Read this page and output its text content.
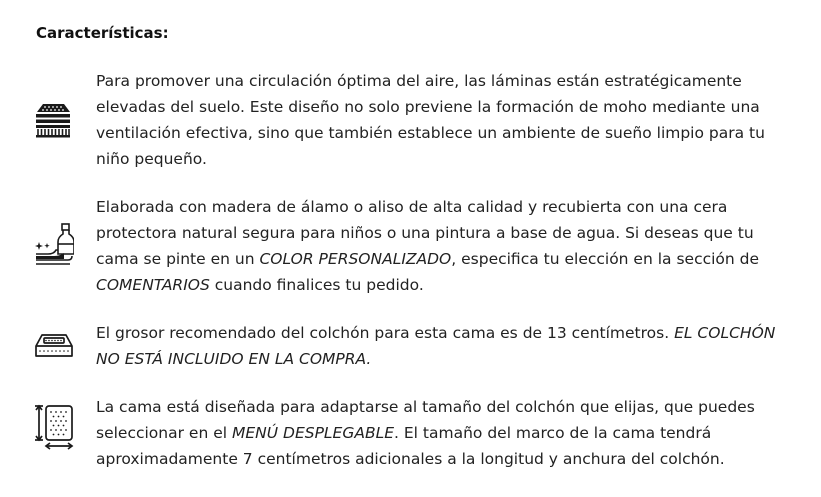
Características:

Para promover una circulación óptima del aire, las láminas están estratégicamente elevadas del suelo. Este diseño no solo previene la formación de moho mediante una ventilación efectiva, sino que también establece un ambiente de sueño limpio para tu niño pequeño.

Elaborada con madera de álamo o aliso de alta calidad y recubierta con una cera protectora natural segura para niños o una pintura a base de agua. Si deseas que tu cama se pinte en un COLOR PERSONALIZADO, especifica tu elección en la sección de COMENTARIOS cuando finalices tu pedido.

El grosor recomendado del colchón para esta cama es de 13 centímetros. EL COLCHÓN NO ESTÁ INCLUIDO EN LA COMPRA.

La cama está diseñada para adaptarse al tamaño del colchón que elijas, que puedes seleccionar en el MENÚ DESPLEGABLE. El tamaño del marco de la cama tendrá aproximadamente 7 centímetros adicionales a la longitud y anchura del colchón.
